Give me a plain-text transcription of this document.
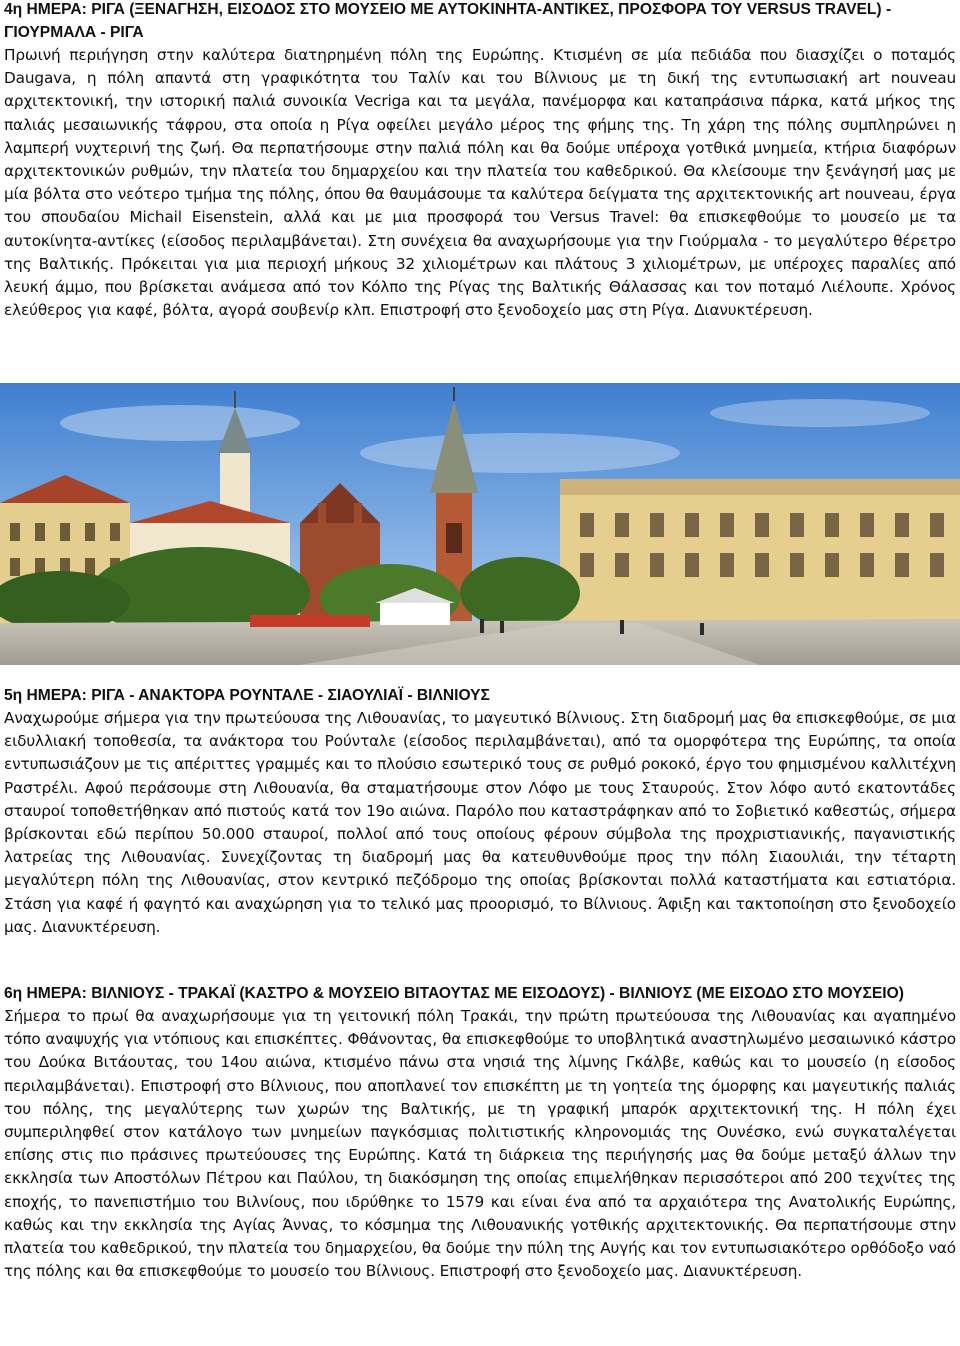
4η ΗΜΕΡΑ: ΡΙΓΑ (ΞΕΝΑΓΗΣΗ, ΕΙΣΟΔΟΣ ΣΤΟ ΜΟΥΣΕΙΟ ΜΕ ΑΥΤΟΚΙΝΗΤΑ-ΑΝΤΙΚΕΣ, ΠΡΟΣΦΟΡΑ ΤΟΥ VERSUS TRAVEL) - ΓΙΟΥΡΜΑΛΑ - ΡΙΓΑ

Πρωινή περιήγηση στην καλύτερα διατηρημένη πόλη της Ευρώπης. Κτισμένη σε μία πεδιάδα που διασχίζει ο ποταμός Daugava, η πόλη απαντά στη γραφικότητα του Ταλίν και του Βίλνιους με τη δική της εντυπωσιακή art nouveau αρχιτεκτονική, την ιστορική παλιά συνοικία Vecriga και τα μεγάλα, πανέμορφα και καταπράσινα πάρκα, κατά μήκος της παλιάς μεσαιωνικής τάφρου, στα οποία η Ρίγα οφείλει μεγάλο μέρος της φήμης της. Τη χάρη της πόλης συμπληρώνει η λαμπερή νυχτερινή της ζωή. Θα περπατήσουμε στην παλιά πόλη και θα δούμε υπέροχα γοτθικά μνημεία, κτήρια διαφόρων αρχιτεκτονικών ρυθμών, την πλατεία του δημαρχείου και την πλατεία του καθεδρικού. Θα κλείσουμε την ξενάγησή μας με μία βόλτα στο νεότερο τμήμα της πόλης, όπου θα θαυμάσουμε τα καλύτερα δείγματα της αρχιτεκτονικής art nouveau, έργα του σπουδαίου Michail Eisenstein, αλλά και με μια προσφορά του Versus Travel: θα επισκεφθούμε το μουσείο με τα αυτοκίνητα-αντίκες (είσοδος περιλαμβάνεται). Στη συνέχεια θα αναχωρήσουμε για την Γιούρμαλα - το μεγαλύτερο θέρετρο της Βαλτικής. Πρόκειται για μια περιοχή μήκους 32 χιλιομέτρων και πλάτους 3 χιλιομέτρων, με υπέροχες παραλίες από λευκή άμμο, που βρίσκεται ανάμεσα από τον Κόλπο της Ρίγας της Βαλτικής Θάλασσας και τον ποταμό Λιέλουπε. Χρόνος ελεύθερος για καφέ, βόλτα, αγορά σουβενίρ κλπ. Επιστροφή στο ξενοδοχείο μας στη Ρίγα. Διανυκτέρευση.

5η ΗΜΕΡΑ: ΡΙΓΑ - ΑΝΑΚΤΟΡΑ ΡΟΥΝΤΑΛΕ - ΣΙΑΟΥΛΙΑΪ - ΒΙΛΝΙΟΥΣ

Αναχωρούμε σήμερα για την πρωτεύουσα της Λιθουανίας, το μαγευτικό Βίλνιους. Στη διαδρομή μας θα επισκεφθούμε, σε μια ειδυλλιακή τοποθεσία, τα ανάκτορα του Ρούνταλε (είσοδος περιλαμβάνεται), από τα ομορφότερα της Ευρώπης, τα οποία εντυπωσιάζουν με τις απέριττες γραμμές και το πλούσιο εσωτερικό τους σε ρυθμό ροκοκό, έργο του φημισμένου καλλιτέχνη Ραστρέλι. Αφού περάσουμε στη Λιθουανία, θα σταματήσουμε στον Λόφο με τους Σταυρούς. Στον λόφο αυτό εκατοντάδες σταυροί τοποθετήθηκαν από πιστούς κατά τον 19ο αιώνα. Παρόλο που καταστράφηκαν από το Σοβιετικό καθεστώς, σήμερα βρίσκονται εδώ περίπου 50.000 σταυροί, πολλοί από τους οποίους φέρουν σύμβολα της προχριστιανικής, παγανιστικής λατρείας της Λιθουανίας. Συνεχίζοντας τη διαδρομή μας θα κατευθυνθούμε προς την πόλη Σιαουλιάι, την τέταρτη μεγαλύτερη πόλη της Λιθουανίας, στον κεντρικό πεζόδρομο της οποίας βρίσκονται πολλά καταστήματα και εστιατόρια. Στάση για καφέ ή φαγητό και αναχώρηση για το τελικό μας προορισμό, το Βίλνιους. Άφιξη και τακτοποίηση στο ξενοδοχείο μας. Διανυκτέρευση.

6η ΗΜΕΡΑ: ΒΙΛΝΙΟΥΣ - ΤΡΑΚΑΪ (ΚΑΣΤΡΟ & ΜΟΥΣΕΙΟ ΒΙΤΑΟΥΤΑΣ ΜΕ ΕΙΣΟΔΟΥΣ) - ΒΙΛΝΙΟΥΣ (ΜΕ ΕΙΣΟΔΟ ΣΤΟ ΜΟΥΣΕΙΟ)

Σήμερα το πρωί θα αναχωρήσουμε για τη γειτονική πόλη Τρακάι, την πρώτη πρωτεύουσα της Λιθουανίας και αγαπημένο τόπο αναψυχής για ντόπιους και επισκέπτες. Φθάνοντας, θα επισκεφθούμε το υποβλητικά αναστηλωμένο μεσαιωνικό κάστρο του Δούκα Βιτάουτας, του 14ου αιώνα, κτισμένο πάνω στα νησιά της λίμνης Γκάλβε, καθώς και το μουσείο (η είσοδος περιλαμβάνεται). Επιστροφή στο Βίλνιους, που αποπλανεί τον επισκέπτη με τη γοητεία της όμορφης και μαγευτικής παλιάς του πόλης, της μεγαλύτερης των χωρών της Βαλτικής, με τη γραφική μπαρόκ αρχιτεκτονική της. Η πόλη έχει συμπεριληφθεί στον κατάλογο των μνημείων παγκόσμιας πολιτιστικής κληρονομιάς της Ουνέσκο, ενώ συγκαταλέγεται επίσης στις πιο πράσινες πρωτεύουσες της Ευρώπης. Κατά τη διάρκεια της περιήγησής μας θα δούμε μεταξύ άλλων την εκκλησία των Αποστόλων Πέτρου και Παύλου, τη διακόσμηση της οποίας επιμελήθηκαν περισσότεροι από 200 τεχνίτες της εποχής, το πανεπιστήμιο του Βιλνίους, που ιδρύθηκε το 1579 και είναι ένα από τα αρχαιότερα της Ανατολικής Ευρώπης, καθώς και την εκκλησία της Αγίας Άννας, το κόσμημα της Λιθουανικής γοτθικής αρχιτεκτονικής. Θα περπατήσουμε στην πλατεία του καθεδρικού, την πλατεία του δημαρχείου, θα δούμε την πύλη της Αυγής και τον εντυπωσιακότερο ορθόδοξο ναό της πόλης και θα επισκεφθούμε το μουσείο του Βίλνιους. Επιστροφή στο ξενοδοχείο μας. Διανυκτέρευση.
